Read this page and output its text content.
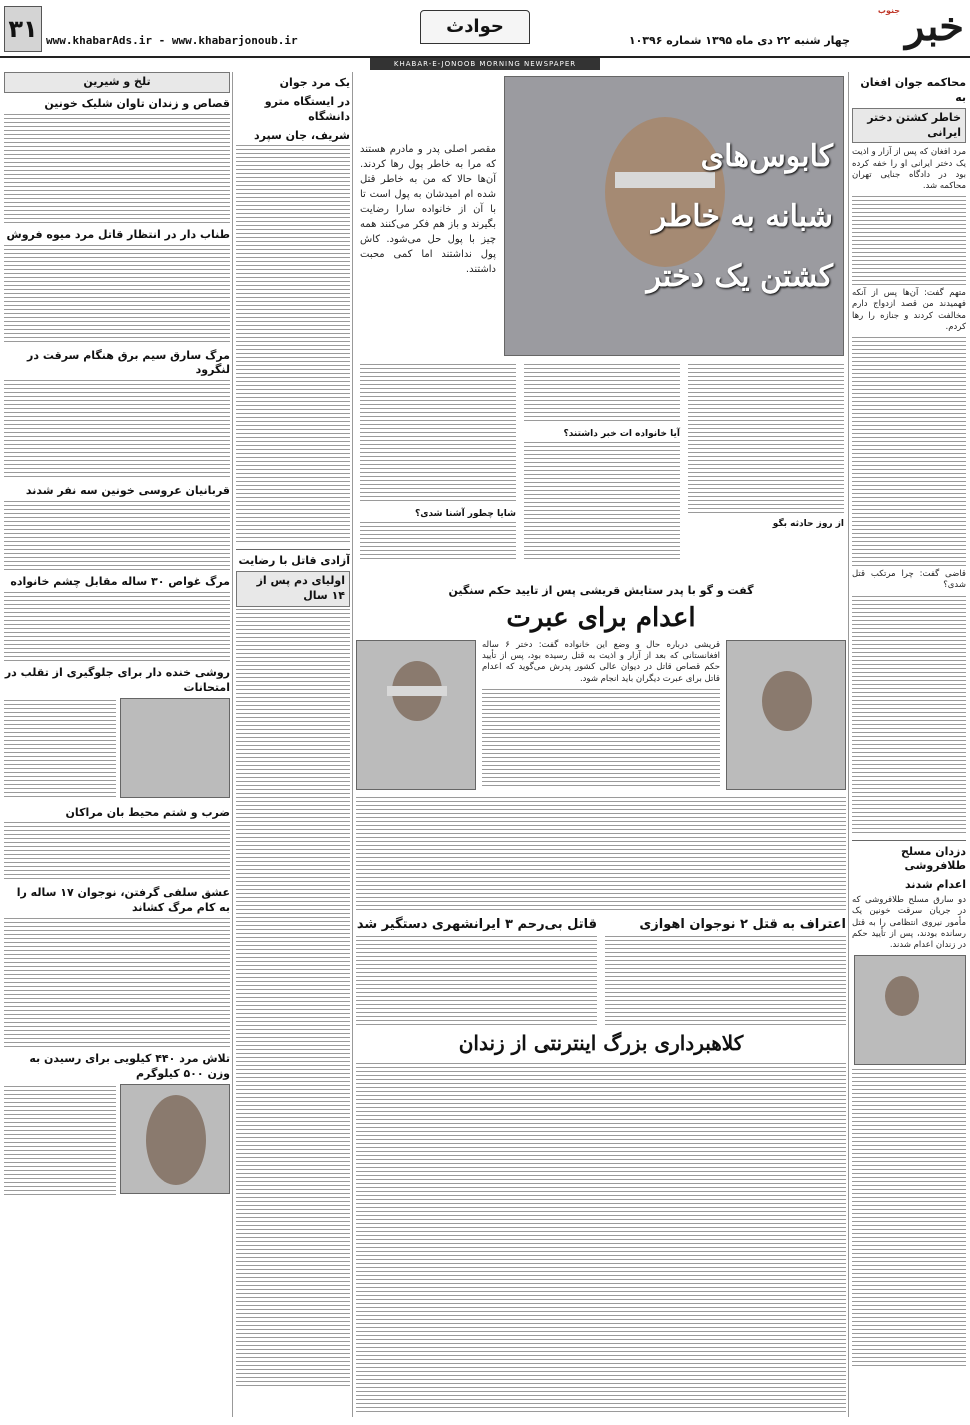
خبر
جنوب
چهار شنبه ۲۲ دی ماه ۱۳۹۵ شماره ۱۰۳۹۶
حوادث
www.khabarAds.ir - www.khabarjonoub.ir
۳۱
KHABAR-E-JONOOB MORNING NEWSPAPER
محاکمه جوان افغان به
خاطر کشتن دختر ایرانی
مرد افغان که پس از آزار و اذیت یک دختر ایرانی او را خفه کرده بود در دادگاه جنایی تهران محاکمه شد.
متهم گفت: آن‌ها پس از آنکه فهمیدند من قصد ازدواج دارم مخالفت کردند و جنازه را رها کردم.
قاضی گفت: چرا مرتکب قتل شدی؟
دزدان مسلح طلافروشی
اعدام شدند
دو سارق مسلح طلافروشی که در جریان سرقت خونین یک مأمور نیروی انتظامی را به قتل رسانده بودند، پس از تأیید حکم در زندان اعدام شدند.
کابوس‌های
شبانه به خاطر
کشتن یک دختر
مقصر اصلی پدر و مادرم هستند که مرا به خاطر پول رها کردند. آن‌ها حالا که من به خاطر قتل شده ام امیدشان به پول است تا با آن از خانواده سارا رضایت بگیرند و باز هم فکر می‌کنند همه چیز با پول حل می‌شود. کاش پول نداشتند اما کمی محبت داشتند.
از روز حادثه بگو
آیا خانواده ات خبر داشتند؟
شایا چطور آشنا شدی؟
یک مرد جوان
در ایستگاه مترو دانشگاه
شریف، جان سپرد
آزادی قاتل با رضایت
اولیای دم پس از ۱۴ سال	گفت و گو با پدر ستایش قریشی پس از تایید حکم سنگین
اعدام برای عبرت
قریشی درباره حال و وضع این خانواده گفت: دختر ۶ ساله افغانستانی که بعد از آزار و اذیت به قتل رسیده بود، پس از تأیید حکم قصاص قاتل در دیوان عالی کشور پدرش می‌گوید که اعدام قاتل برای عبرت دیگران باید انجام شود.
اعتراف به قتل ۲ نوجوان اهوازی
قاتل بی‌رحم ۳ ایرانشهری دستگیر شد
کلاهبرداری بزرگ اینترنتی از زندان
تلخ و شیرین
قصاص و زندان تاوان شلیک خونین
طناب دار در انتظار قاتل مرد میوه فروش
مرگ سارق سیم برق هنگام سرقت در لنگرود
قربانیان عروسی خونین سه نفر شدند
مرگ غواص ۳۰ ساله مقابل چشم خانواده
روشی خنده دار برای جلوگیری از تقلب در امتحانات
ضرب و شتم محیط بان مراکان
عشق سلفی گرفتن، نوجوان ۱۷ ساله را به کام مرگ کشاند
تلاش مرد ۴۴۰ کیلویی برای رسیدن به وزن ۵۰۰ کیلوگرم
